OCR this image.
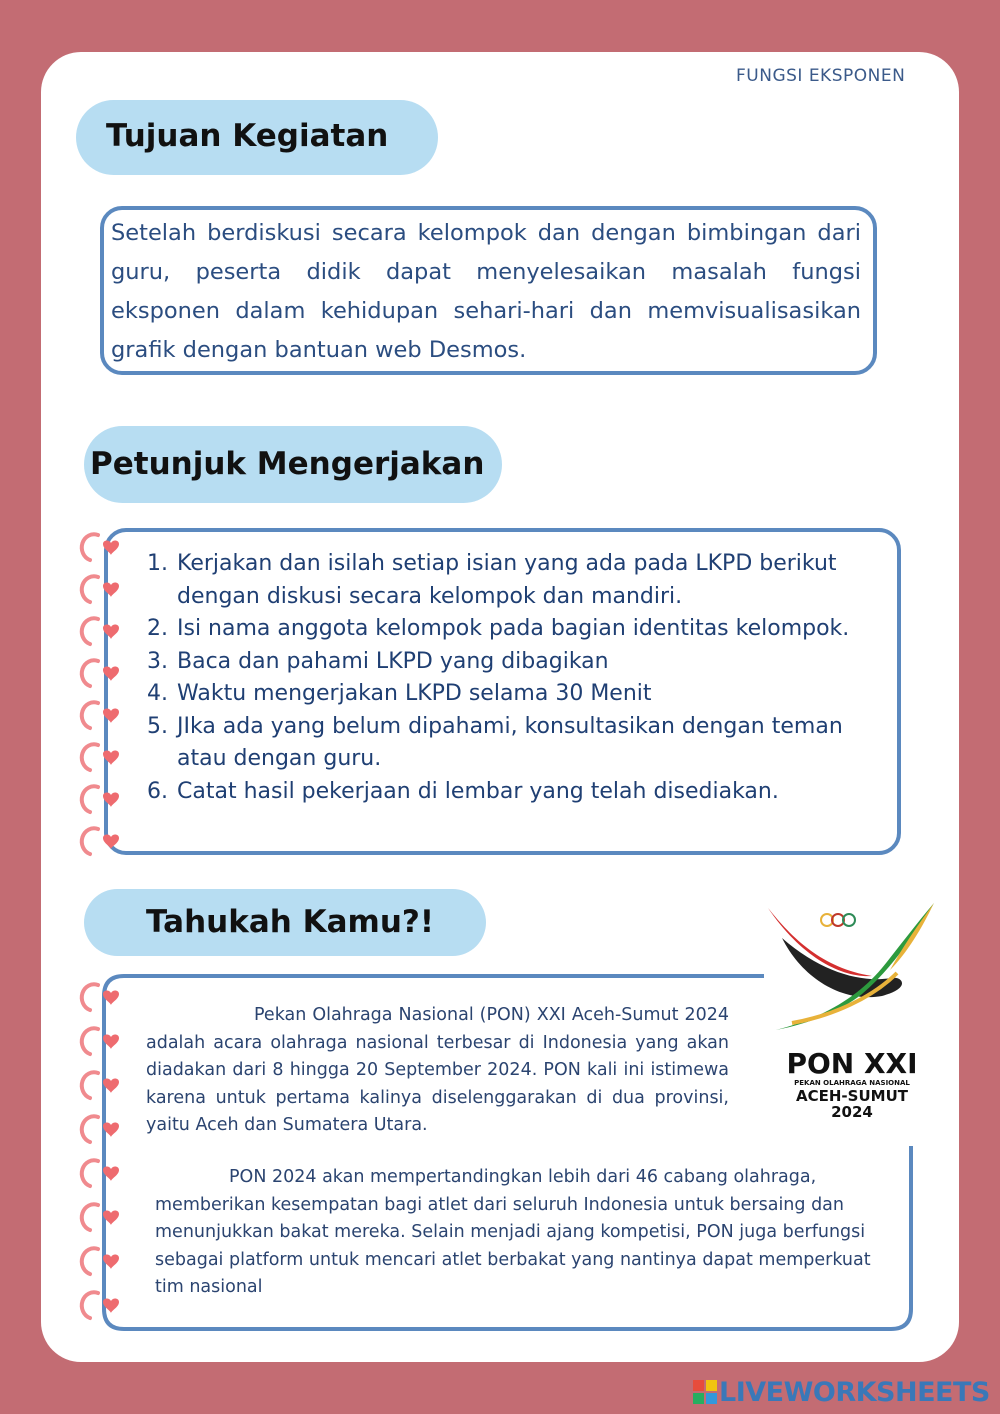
FUNGSI EKSPONEN
Tujuan Kegiatan
Setelah berdiskusi secara kelompok dan dengan bimbingan dari guru, peserta didik dapat menyelesaikan masalah fungsi eksponen dalam kehidupan sehari-hari dan memvisualisasikan grafik dengan bantuan web Desmos.
Petunjuk Mengerjakan
1. Kerjakan dan isilah setiap isian yang ada pada LKPD berikut dengan diskusi secara kelompok dan mandiri.
2. Isi nama anggota kelompok pada bagian identitas kelompok.
3. Baca dan pahami LKPD yang dibagikan
4. Waktu mengerjakan LKPD selama 30 Menit
5. JIka ada yang belum dipahami, konsultasikan dengan teman atau dengan guru.
6. Catat hasil pekerjaan di lembar yang telah disediakan.
Tahukah Kamu?!
Pekan Olahraga Nasional (PON) XXI Aceh-Sumut 2024 adalah acara olahraga nasional terbesar di Indonesia yang akan diadakan dari 8 hingga 20 September 2024. PON kali ini istimewa karena untuk pertama kalinya diselenggarakan di dua provinsi, yaitu Aceh dan Sumatera Utara.
PON 2024 akan mempertandingkan lebih dari 46 cabang olahraga, memberikan kesempatan bagi atlet dari seluruh Indonesia untuk bersaing dan menunjukkan bakat mereka. Selain menjadi ajang kompetisi, PON juga berfungsi sebagai platform untuk mencari atlet berbakat yang nantinya dapat memperkuat tim nasional
PON XXI
PEKAN OLAHRAGA NASIONAL
ACEH-SUMUT
2024
LIVEWORKSHEETS
